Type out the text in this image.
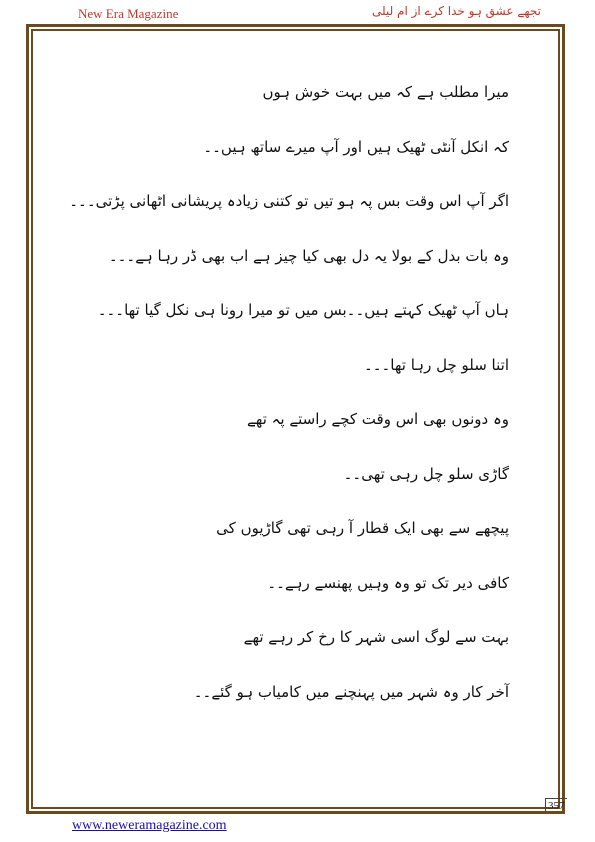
New Era Magazine	تجھے عشق ہو خدا کرے از ام لیلی
میرا مطلب ہے کہ میں بہت خوش ہوں
کہ انکل آنٹی ٹھیک ہیں اور آپ میرے ساتھ ہیں۔۔
اگر آپ اس وقت بس پہ ہو تیں تو کتنی زیادہ پریشانی اٹھانی پڑتی۔۔۔
وہ بات بدل کے بولا یہ دل بھی کیا چیز ہے اب بھی ڈر رہا ہے۔۔۔
ہاں آپ ٹھیک کہتے ہیں۔۔بس میں تو میرا رونا ہی نکل گیا تھا۔۔۔
اتنا سلو چل رہا تھا۔۔۔
وہ دونوں بھی اس وقت کچے راستے پہ تھے
گاڑی سلو چل رہی تھی۔۔
پیچھے سے بھی ایک قطار آ رہی تھی گاڑیوں کی
کافی دیر تک تو وہ وہیں پھنسے رہے۔۔
بہت سے لوگ اسی شہر کا رخ کر رہے تھے
آخر کار وہ شہر میں پہنچنے میں کامیاب ہو گئے۔۔
357
www.neweramagazine.com
